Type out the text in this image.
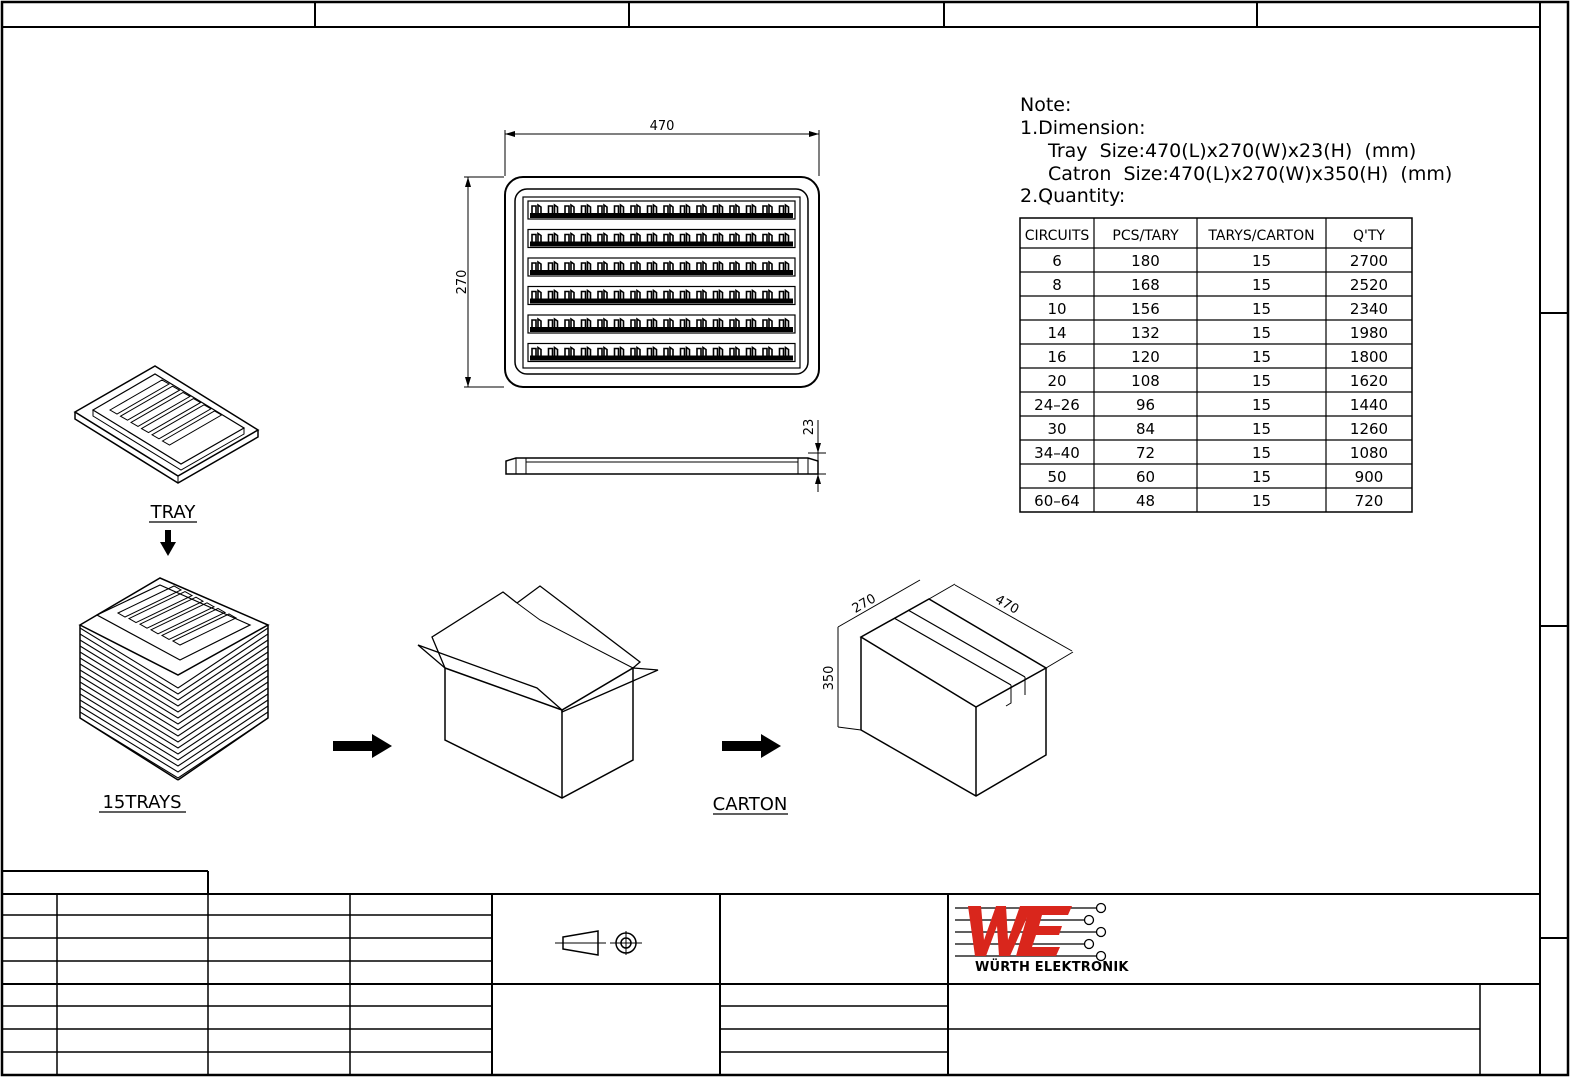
470
270
23
Note:
1.Dimension:
Tray  Size:470(L)x270(W)x23(H)  (mm)
Catron  Size:470(L)x270(W)x350(H)  (mm)
2.Quantity:
CIRCUITS PCS/TARY TARYS/CARTON	Q'TY
6	180	15	2700
8	168	15	2520
10	156	15	2340
14	132	15	1980
16	120	15	1800
20	108	15	1620
24–26	96	15	1440
30	84	15	1260
34–40	72	15	1080
50	60	15	900
60–64	48	15	720
TRAY
15TRAYS	CARTON
270	470
350
WÜRTH ELEKTRONIK
